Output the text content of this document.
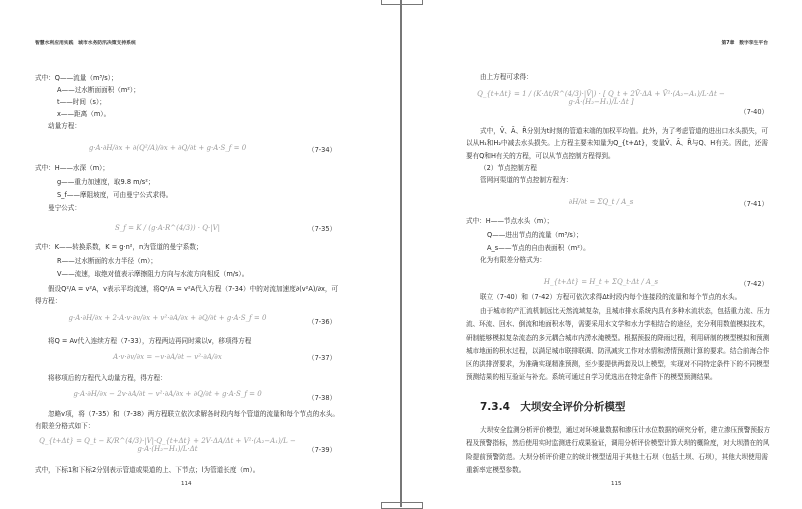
智慧水利应用实践　城市水务防汛决策支持系统
式中：Q——流量（m³/s）；
A——过水断面面积（m²）；
t——时间（s）；
x——距离（m）。
动量方程：
g·A·∂H/∂x + ∂(Q²/A)/∂x + ∂Q/∂t + g·A·S_f = 0	（7-34）
式中：H——水深（m）；
g——重力加速度，取9.8 m/s²；
S_f——摩阻坡度，可由曼宁公式求得。
曼宁公式：
S_f = K / (g·A·R^(4/3)) · Q·|V|	（7-35）
式中：K——转换系数，K = g·n²，n为管道的曼宁系数；
R——过水断面的水力半径（m）；
V——流速，取绝对值表示摩擦阻力方向与水流方向相反（m/s）。
假设Q²/A = v²A，v表示平均流速，将Q²/A = v²A代入方程（7-34）中的对流加速度∂(v²A)/∂x，可
得方程：
g·A·∂H/∂x + 2·A·v·∂v/∂x + v²·∂A/∂x + ∂Q/∂t + g·A·S_f = 0	（7-36）
将Q = Av代入连续方程（7-33），方程两边再同时乘以v，移项得方程
A·v·∂v/∂x = −v·∂A/∂t − v²·∂A/∂x	（7-37）
将移项后的方程代入动量方程，得方程：
g·A·∂H/∂x − 2v·∂A/∂t − v²·∂A/∂x + ∂Q/∂t + g·A·S_f = 0	（7-38）
忽略v项，将（7-35）和（7-38）两方程联立依次求解各时段内每个管道的流量和每个节点的水头。
有限差分格式如下：
Q_{t+Δt} = Q_t − K/R^(4/3)·|V|·Q_{t+Δt} + 2V·ΔA/Δt + V²·(A₂−A₁)/L − g·A·(H₂−H₁)/L·Δt	（7-39）
式中，下标1和下标2分别表示管道或渠道的上、下节点；l为管道长度（m）。
114
第7章　数字孪生平台
由上方程可求得：
Q_{t+Δt} = 1 / (K·Δt/R^(4/3)·|V̄|) · [ Q_t + 2V̄·ΔA + V̄²·(A₂−A₁)/L·Δt − g·Ā·(H₂−H₁)/L·Δt ]
（7-40）
式中，V̄、Ā、R̄分别为t时刻的管道末端的加权平均值。此外，为了考虑管道的进出口水头损失，可
以从H₁和H₂中减去水头损失。上方程主要未知量为Q_{t+Δt}，变量V̄、Ā、R̄与Q、H有关。因此，还需
要有Q和H有关的方程，可以从节点控制方程得到。
（2）节点控制方程
管网河渠道的节点控制方程为：
∂H/∂t = ΣQ_t / A_s	（7-41）
式中：H——节点水头（m）；
Q——进出节点的流量（m³/s）；
A_s——节点的自由表面积（m²）。
化为有限差分格式为：
H_{t+Δt} = H_t + ΣQ_t·Δt / A_s	（7-42）
联立（7-40）和（7-42）方程可依次求得Δt时段内每个连接段的流量和每个节点的水头。
由于城市的产汇流机制远比天然流域复杂，且城市排水系统内具有多种水流状态，包括重力流、压力
流、环流、回水、倒流和地面积水等，需要采用水文学和水力学相结合的途径，充分利用数值模拟技术，
研制能够模拟复杂流态的多元耦合城市内涝水淹模型。根据预报的降雨过程，利用研制的模型模拟和预测
城市地面的积水过程，以满足城市联排联调、防汛减灾工作对水情和涝情预测计算的要求。结合前海合作
区的洪排涝要求，为准确实现精准预测，至少要提供两套及以上模型，实现对不同特定条件下的不同模型
预测结果的相互验证与补充。系统可通过自学习优选出在特定条件下的模型预测结果。
7.3.4　大坝安全评价分析模型
大坝安全监测分析评价模型，通过对环境量数据和渗压计水位数据的研究分析，建立渗压预警预报方
程及预警指标，然后使用实时监测进行成果验证，调用分析评价模型计算大坝的概险度，对大坝潜在的风
险提前预警防范。大坝分析评价建立的统计模型适用于其他土石坝（包括土坝、石坝），其他大坝使用需
重新率定模型参数。
115
